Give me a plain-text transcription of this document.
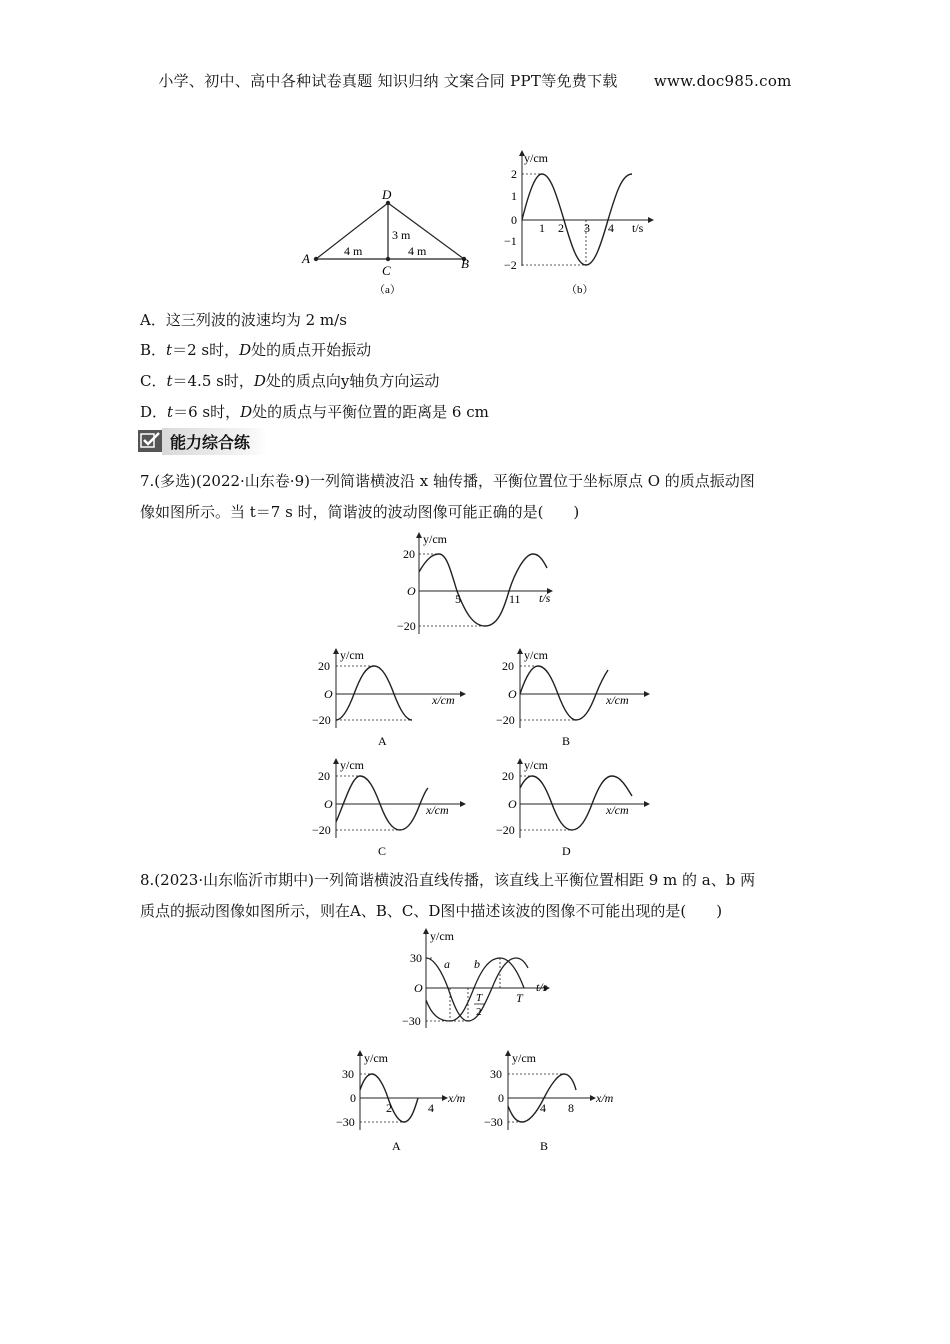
小学、初中、高中各种试卷真题 知识归纳 文案合同 PPT等免费下载 www.doc985.com
D
A	B
C
4 m	4 m
3 m
（a）
y/cm
t/s
2
1
0
−1
−2
1 2 3 4
（b）
A．这三列波的波速均为 2 m/s
B．t＝2 s时，D处的质点开始振动
C．t＝4.5 s时，D处的质点向y轴负方向运动
D．t＝6 s时，D处的质点与平衡位置的距离是 6 cm
能力综合练
7.(多选)(2022·山东卷·9)一列简谐横波沿 x 轴传播，平衡位置位于坐标原点 O 的质点振动图
像如图所示。当 t＝7 s 时，简谐波的波动图像可能正确的是(　　)
y/cm
t/s
20
−20
O
5	11
y/cm
x/cm
20
−20
O
A
y/cm
x/cm
20
−20
O
B
y/cm
x/cm
20
−20
O
C
y/cm
x/cm
20
−20
O
D
8.(2023·山东临沂市期中)一列简谐横波沿直线传播，该直线上平衡位置相距 9 m 的 a、b 两
质点的振动图像如图所示，则在A、B、C、D图中描述该波的图像不可能出现的是(　　)
y/cm
t/s
30
−30
O
a b
T
2
T
y/cm
x/m
30
0
−30
2	4
A
y/cm
x/m
30
0
−30
4 8
B
